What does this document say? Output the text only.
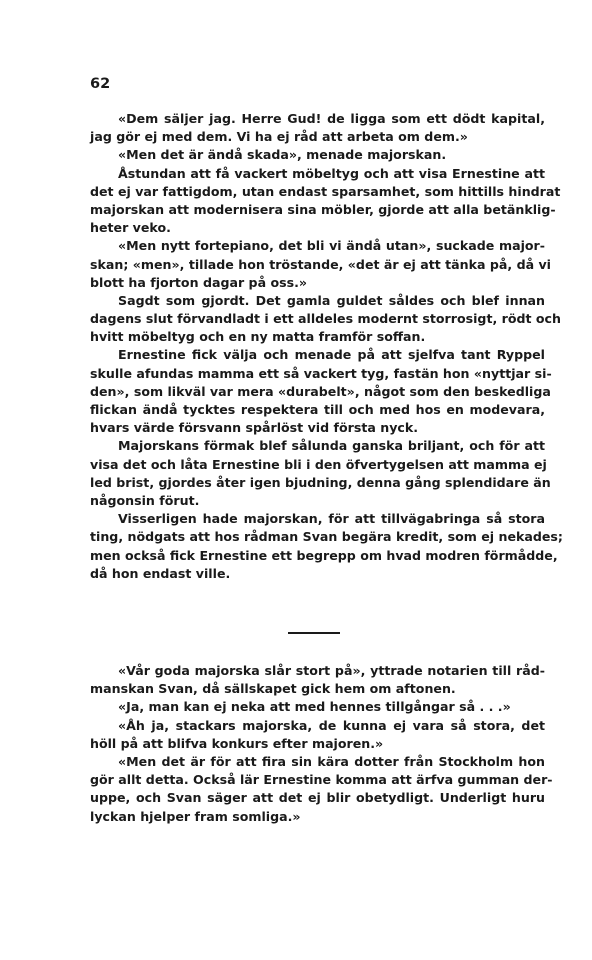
62
«Dem säljer jag. Herre Gud! de ligga som ett dödt kapital,
jag gör ej med dem. Vi ha ej råd att arbeta om dem.»
«Men det är ändå skada», menade majorskan.
Åstundan att få vackert möbeltyg och att visa Ernestine att
det ej var fattigdom, utan endast sparsamhet, som hittills hindrat
majorskan att modernisera sina möbler, gjorde att alla betänklig-
heter veko.
«Men nytt fortepiano, det bli vi ändå utan», suckade major-
skan; «men», tillade hon tröstande, «det är ej att tänka på, då vi
blott ha fjorton dagar på oss.»
Sagdt som gjordt. Det gamla guldet såldes och blef innan
dagens slut förvandladt i ett alldeles modernt storrosigt, rödt och
hvitt möbeltyg och en ny matta framför soffan.
Ernestine fick välja och menade på att sjelfva tant Ryppel
skulle afundas mamma ett så vackert tyg, fastän hon «nyttjar si-
den», som likväl var mera «durabelt», något som den beskedliga
flickan ändå tycktes respektera till och med hos en modevara,
hvars värde försvann spårlöst vid första nyck.
Majorskans förmak blef sålunda ganska briljant, och för att
visa det och låta Ernestine bli i den öfvertygelsen att mamma ej
led brist, gjordes åter igen bjudning, denna gång splendidare än
någonsin förut.
Visserligen hade majorskan, för att tillvägabringa så stora
ting, nödgats att hos rådman Svan begära kredit, som ej nekades;
men också fick Ernestine ett begrepp om hvad modren förmådde,
då hon endast ville.
«Vår goda majorska slår stort på», yttrade notarien till råd-
manskan Svan, då sällskapet gick hem om aftonen.
«Ja, man kan ej neka att med hennes tillgångar så . . .»
«Åh ja, stackars majorska, de kunna ej vara så stora, det
höll på att blifva konkurs efter majoren.»
«Men det är för att fira sin kära dotter från Stockholm hon
gör allt detta. Också lär Ernestine komma att ärfva gumman der-
uppe, och Svan säger att det ej blir obetydligt. Underligt huru
lyckan hjelper fram somliga.»
